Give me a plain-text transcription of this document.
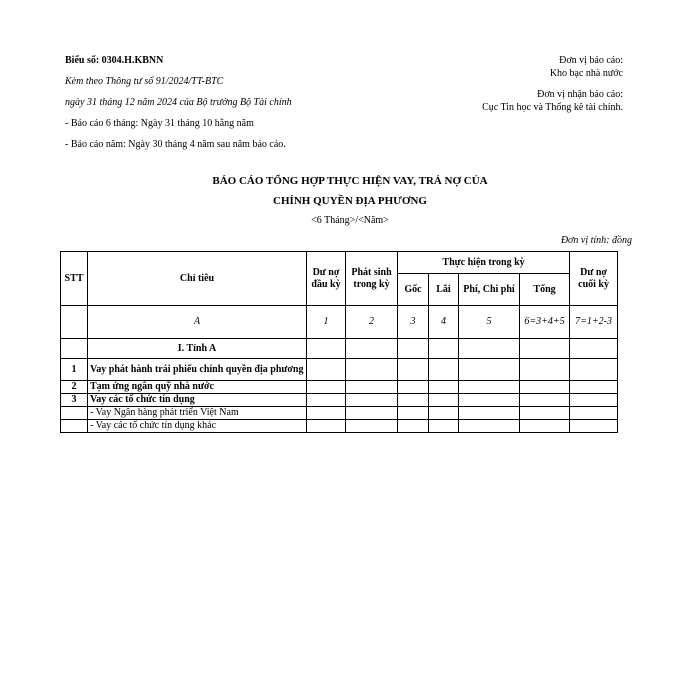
Biểu số: 0304.H.KBNN

Kèm theo Thông tư số 91/2024/TT-BTC

ngày 31 tháng 12 năm 2024 của Bộ trưởng Bộ Tài chính

- Báo cáo 6 tháng: Ngày 31 tháng 10 hằng năm

- Báo cáo năm: Ngày 30 tháng 4 năm sau năm báo cáo.

Đơn vị báo cáo:
Kho bạc nhà nước

Đơn vị nhận báo cáo:
Cục Tin học và Thống kê tài chính.

BÁO CÁO TỔNG HỢP THỰC HIỆN VAY, TRẢ NỢ CỦA
CHÍNH QUYỀN ĐỊA PHƯƠNG
<6 Tháng>/<Năm>
Đơn vị tính: đồng
STT	Chỉ tiêu	Dư nợ đầu kỳ	Phát sinh trong kỳ	Thực hiện trong kỳ				Dư nợ cuối kỳ
				Gốc	Lãi	Phí, Chi phí	Tổng	
	A	1	2	3	4	5	6=3+4+5	7=1+2-3
	I. Tỉnh A							
1	Vay phát hành trái phiếu chính quyền địa phương							
2	Tạm ứng ngân quỹ nhà nước							
3	Vay các tổ chức tín dụng							
	- Vay Ngân hàng phát triển Việt Nam							
	- Vay các tổ chức tín dụng khác							
